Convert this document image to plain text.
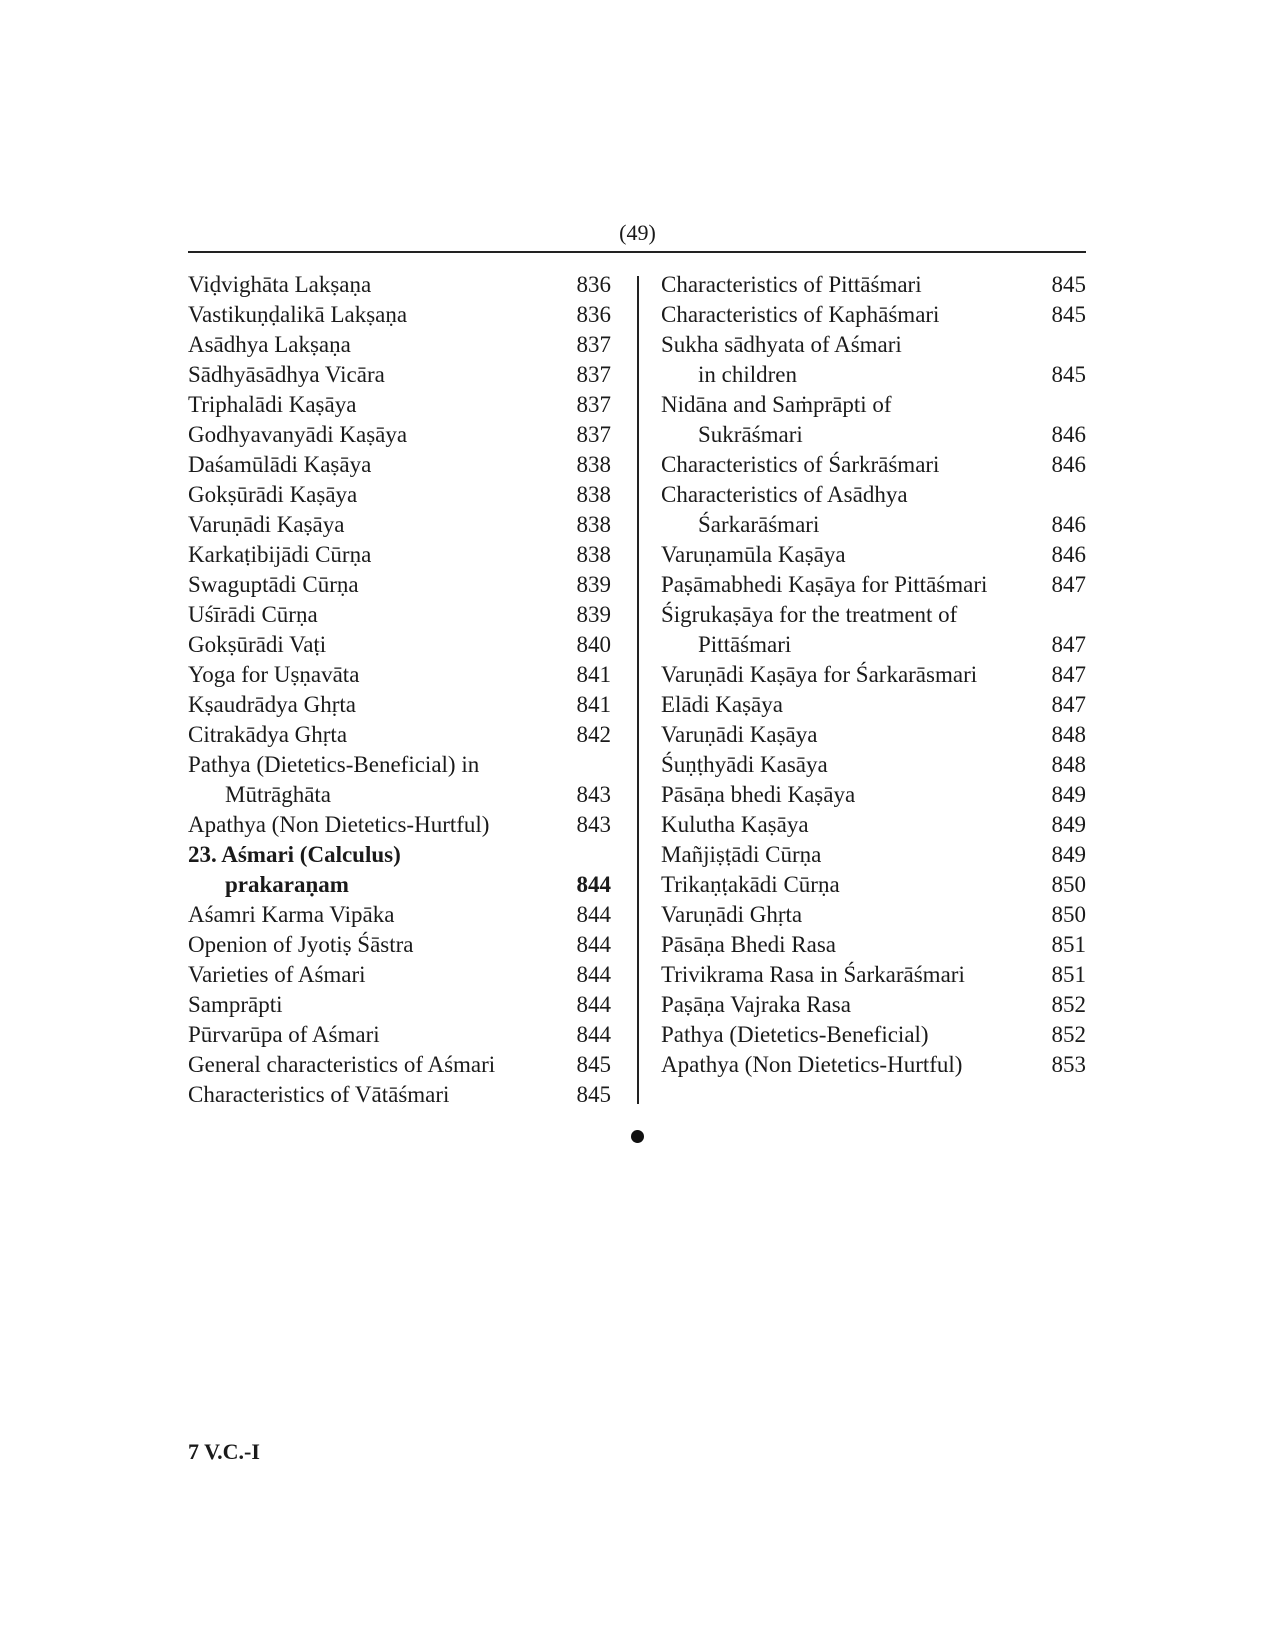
(49)
Viḍvighāta Lakṣaṇa	836
Vastikuṇḍalikā Lakṣaṇa	836
Asādhya Lakṣaṇa	837
Sādhyāsādhya Vicāra	837
Triphalādi Kaṣāya	837
Godhyavanyādi Kaṣāya	837
Daśamūlādi Kaṣāya	838
Gokṣūrādi Kaṣāya	838
Varuṇādi Kaṣāya	838
Karkaṭibijādi Cūrṇa	838
Swaguptādi Cūrṇa	839
Uśīrādi Cūrṇa	839
Gokṣūrādi Vaṭi	840
Yoga for Uṣṇavāta	841
Kṣaudrādya Ghṛta	841
Citrakādya Ghṛta	842
Pathya (Dietetics-Beneficial) in
Mūtrāghāta	843
Apathya (Non Dietetics-Hurtful)	843
23. Aśmari (Calculus)
prakaraṇam	844
Aśamri Karma Vipāka	844
Openion of Jyotiṣ Śāstra	844
Varieties of Aśmari	844
Samprāpti	844
Pūrvarūpa of Aśmari	844
General characteristics of Aśmari	845
Characteristics of Vātāśmari	845
Characteristics of Pittāśmari	845
Characteristics of Kaphāśmari	845
Sukha sādhyata of Aśmari
in children	845
Nidāna and Saṁprāpti of
Sukrāśmari	846
Characteristics of Śarkrāśmari	846
Characteristics of Asādhya
Śarkarāśmari	846
Varuṇamūla Kaṣāya	846
Paṣāmabhedi Kaṣāya for Pittāśmari	847
Śigrukaṣāya for the treatment of
Pittāśmari	847
Varuṇādi Kaṣāya for Śarkarāsmari	847
Elādi Kaṣāya	847
Varuṇādi Kaṣāya	848
Śuṇṭhyādi Kasāya	848
Pāsāṇa bhedi Kaṣāya	849
Kulutha Kaṣāya	849
Mañjiṣṭādi Cūrṇa	849
Trikaṇṭakādi Cūrṇa	850
Varuṇādi Ghṛta	850
Pāsāṇa Bhedi Rasa	851
Trivikrama Rasa in Śarkarāśmari	851
Paṣāṇa Vajraka Rasa	852
Pathya (Dietetics-Beneficial)	852
Apathya (Non Dietetics-Hurtful)	853
7 V.C.-I
